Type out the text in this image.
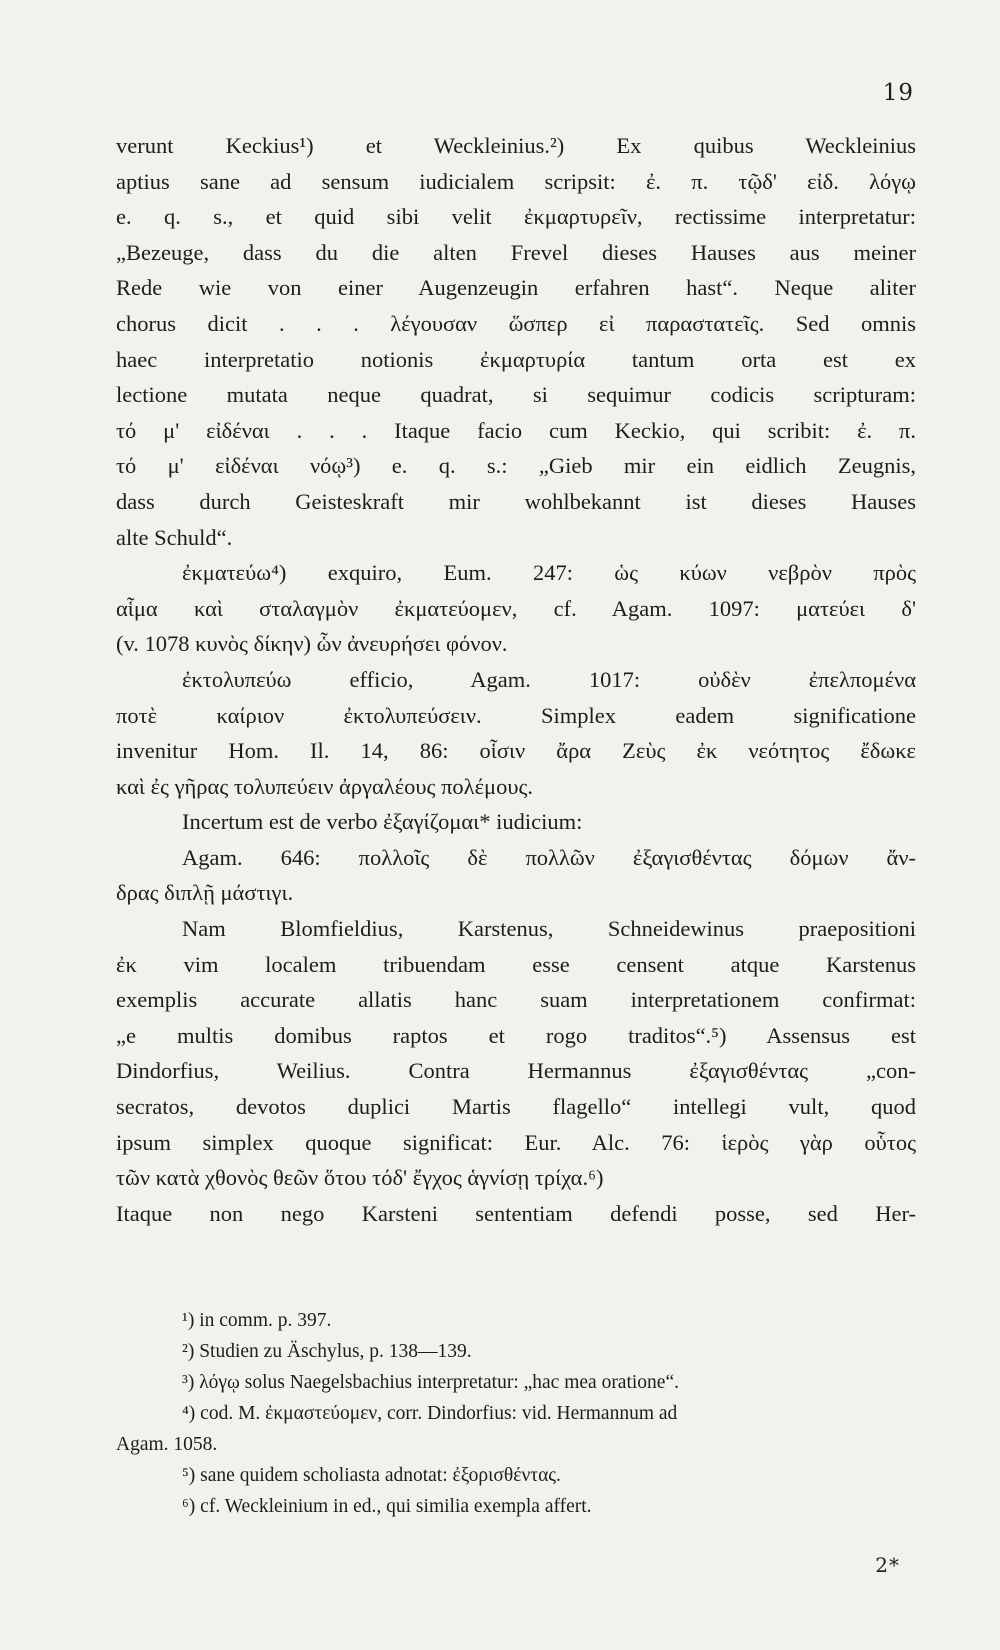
19
verunt Keckius¹) et Weckleinius.²) Ex quibus Weckleinius
aptius sane ad sensum iudicialem scripsit: ἐ. π. τῷδ' εἰδ. λόγῳ
e. q. s., et quid sibi velit ἐκμαρτυρεῖν, rectissime interpretatur:
„Bezeuge, dass du die alten Frevel dieses Hauses aus meiner
Rede wie von einer Augenzeugin erfahren hast“. Neque aliter
chorus dicit . . . λέγουσαν ὥσπερ εἰ παραστατεῖς. Sed omnis
haec interpretatio notionis ἐκμαρτυρία tantum orta est ex
lectione mutata neque quadrat, si sequimur codicis scripturam:
τό μ' εἰδέναι . . . Itaque facio cum Keckio, qui scribit: ἐ. π.
τό μ' εἰδέναι νόῳ³) e. q. s.: „Gieb mir ein eidlich Zeugnis,
dass durch Geisteskraft mir wohlbekannt ist dieses Hauses
alte Schuld“.
ἐκματεύω⁴) exquiro, Eum. 247: ὡς κύων νεβρὸν πρὸς
αἷμα καὶ σταλαγμὸν ἐκματεύομεν, cf. Agam. 1097: ματεύει δ'
(v. 1078 κυνὸς δίκην) ὧν ἀνευρήσει φόνον.
ἐκτολυπεύω efficio, Agam. 1017: οὐδὲν ἐπελπομένα
ποτὲ καίριον ἐκτολυπεύσειν. Simplex eadem significatione
invenitur Hom. Il. 14, 86: οἷσιν ἄρα Ζεὺς ἐκ νεότητος ἔδωκε
καὶ ἐς γῆρας τολυπεύειν ἀργαλέους πολέμους.
Incertum est de verbo ἐξαγίζομαι* iudicium:
Agam. 646: πολλοῖς δὲ πολλῶν ἐξαγισθέντας δόμων ἄν-
δρας διπλῇ μάστιγι.
Nam Blomfieldius, Karstenus, Schneidewinus praepositioni
ἐκ vim localem tribuendam esse censent atque Karstenus
exemplis accurate allatis hanc suam interpretationem confirmat:
„e multis domibus raptos et rogo traditos“.⁵) Assensus est
Dindorfius, Weilius. Contra Hermannus ἐξαγισθέντας „con-
secratos, devotos duplici Martis flagello“ intellegi vult, quod
ipsum simplex quoque significat: Eur. Alc. 76: ἱερὸς γὰρ οὗτος
τῶν κατὰ χθονὸς θεῶν ὅτου τόδ' ἔγχος ἁγνίσῃ τρίχα.⁶)
Itaque non nego Karsteni sententiam defendi posse, sed Her-
¹) in comm. p. 397.
²) Studien zu Äschylus, p. 138—139.
³) λόγῳ solus Naegelsbachius interpretatur: „hac mea oratione“.
⁴) cod. M. ἐκμαστεύομεν, corr. Dindorfius: vid. Hermannum ad
Agam. 1058.
⁵) sane quidem scholiasta adnotat: ἐξορισθέντας.
⁶) cf. Weckleinium in ed., qui similia exempla affert.
2*
